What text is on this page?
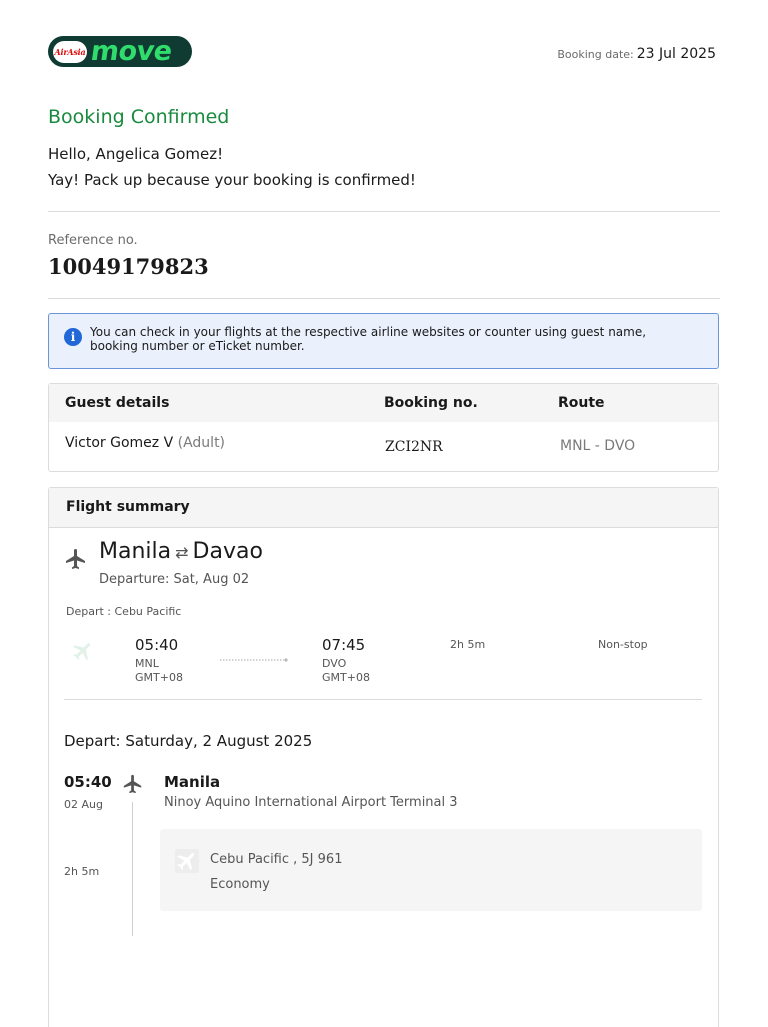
AirAsia move	Booking date: 23 Jul 2025
Booking Confirmed
Hello, Angelica Gomez!
Yay! Pack up because your booking is confirmed!
Reference no.
10049179823
i	You can check in your flights at the respective airline websites or counter using guest name, booking number or eTicket number.
Guest details	Booking no.	Route
Victor Gomez V (Adult)	ZCI2NR	MNL - DVO
Flight summary
Manila ⇄ Davao
Departure: Sat, Aug 02
Depart : Cebu Pacific
05:40
MNL
GMT+08
07:45
DVO
GMT+08
2h 5m	Non-stop
Depart: Saturday, 2 August 2025
05:40
02 Aug
2h 5m
Manila
Ninoy Aquino International Airport Terminal 3
Cebu Pacific , 5J 961
Economy
